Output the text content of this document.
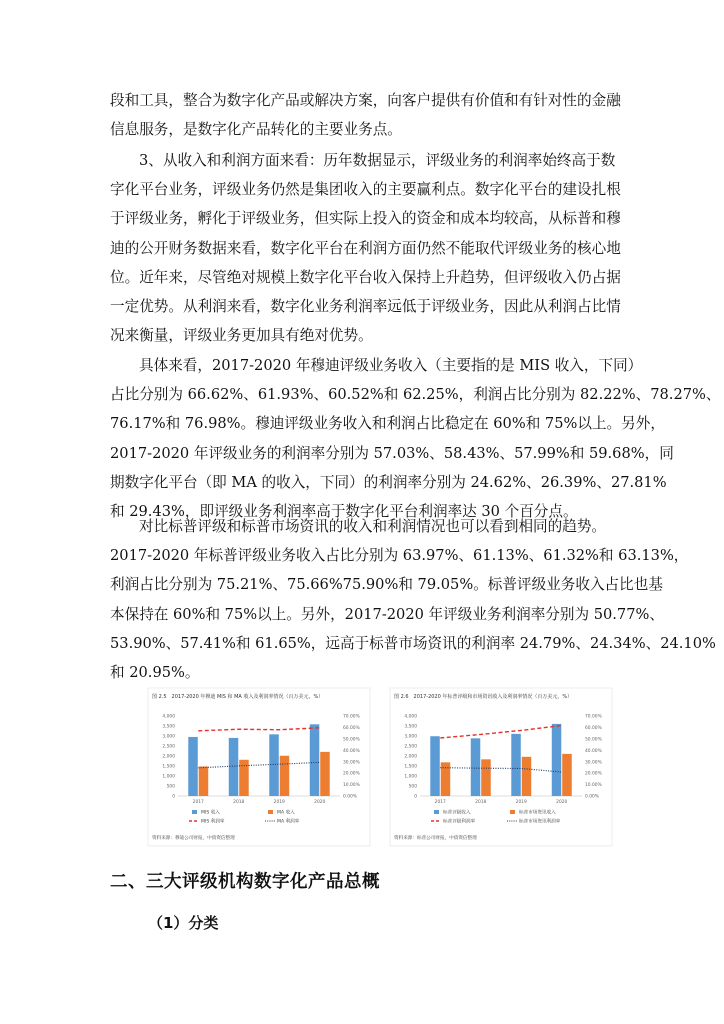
段和工具，整合为数字化产品或解决方案，向客户提供有价值和有针对性的金融
信息服务，是数字化产品转化的主要业务点。
3、从收入和利润方面来看：历年数据显示，评级业务的利润率始终高于数
字化平台业务，评级业务仍然是集团收入的主要赢利点。数字化平台的建设扎根
于评级业务，孵化于评级业务，但实际上投入的资金和成本均较高，从标普和穆
迪的公开财务数据来看，数字化平台在利润方面仍然不能取代评级业务的核心地
位。近年来，尽管绝对规模上数字化平台收入保持上升趋势，但评级收入仍占据
一定优势。从利润来看，数字化业务利润率远低于评级业务，因此从利润占比情
况来衡量，评级业务更加具有绝对优势。
具体来看，2017-2020 年穆迪评级业务收入（主要指的是 MIS 收入，下同）
占比分别为 66.62%、61.93%、60.52%和 62.25%，利润占比分别为 82.22%、78.27%、
76.17%和 76.98%。穆迪评级业务收入和利润占比稳定在 60%和 75%以上。另外，
2017-2020 年评级业务的利润率分别为 57.03%、58.43%、57.99%和 59.68%，同
期数字化平台（即 MA 的收入，下同）的利润率分别为 24.62%、26.39%、27.81%
和 29.43%，即评级业务利润率高于数字化平台利润率达 30 个百分点。
对比标普评级和标普市场资讯的收入和利润情况也可以看到相同的趋势。
2017-2020 年标普评级业务收入占比分别为 63.97%、61.13%、61.32%和 63.13%，
利润占比分别为 75.21%、75.66%75.90%和 79.05%。标普评级业务收入占比也基
本保持在 60%和 75%以上。另外，2017-2020 年评级业务利润率分别为 50.77%、
53.90%、57.41%和 61.65%，远高于标普市场资讯的利润率 24.79%、24.34%、24.10%
和 20.95%。
图 2.5　2017-2020 年穆迪 MIS 和 MA 收入及利润率情况（百万美元，%）
4,000
3,500
3,000
2,500
2,000
1,500
1,000
500
0
70.00%
60.00%
50.00%
40.00%
30.00%
20.00%
10.00%
0.00%
2017	2018	2019	2020
MIS 收入	MA 收入
MIS 利润率	MA 利润率
资料来源：穆迪公司财报，中债资信整理
图 2.6　2017-2020 年标普评级和市场资讯收入及利润率情况（百万美元，%）
4,000
3,500
3,000
2,500
2,000
1,500
1,000
500
0
70.00%
60.00%
50.00%
40.00%
30.00%
20.00%
10.00%
0.00%
2017	2018	2019	2020
标普评级收入	标普市场资讯收入
标普评级利润率	标普市场资讯利润率
资料来源：标普公司财报，中债资信整理
二、三大评级机构数字化产品总概
（1）分类
